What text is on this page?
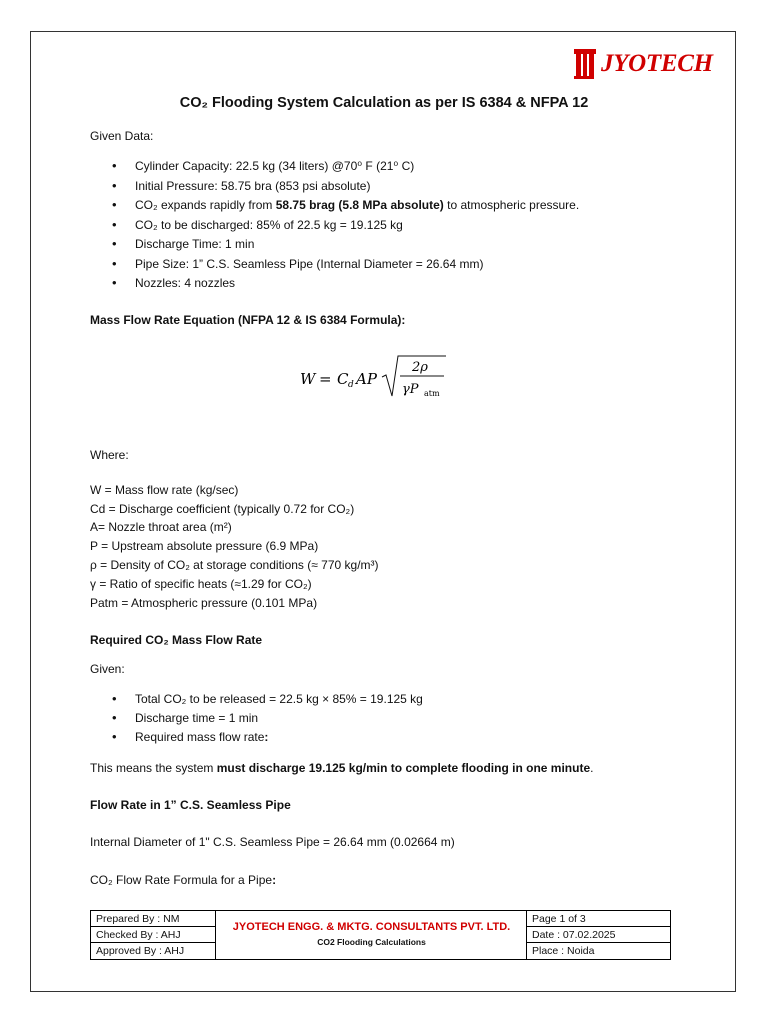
JYOTECH
CO₂ Flooding System Calculation as per IS 6384 & NFPA 12
Given Data:
• Cylinder Capacity: 22.5 kg (34 liters) @70⁰ F (21⁰ C)
• Initial Pressure: 58.75 bra (853 psi absolute)
• CO₂ expands rapidly from 58.75 brag (5.8 MPa absolute) to atmospheric pressure.
• CO₂ to be discharged: 85% of 22.5 kg = 19.125 kg
• Discharge Time: 1 min
• Pipe Size: 1” C.S. Seamless Pipe (Internal Diameter = 26.64 mm)
• Nozzles: 4 nozzles
Mass Flow Rate Equation (NFPA 12 & IS 6384 Formula):
W = C d AP
2ρ
γP atm
Where:
W = Mass flow rate (kg/sec)
Cd = Discharge coefficient (typically 0.72 for CO₂)
A= Nozzle throat area (m²)
P = Upstream absolute pressure (6.9 MPa)
ρ = Density of CO₂ at storage conditions (≈ 770 kg/m³)
γ = Ratio of specific heats (≈1.29 for CO₂)
Patm = Atmospheric pressure (0.101 MPa)
Required CO₂ Mass Flow Rate
Given:
• Total CO₂ to be released = 22.5 kg × 85% = 19.125 kg
• Discharge time = 1 min
• Required mass flow rate:
This means the system must discharge 19.125 kg/min to complete flooding in one minute.
Flow Rate in 1” C.S. Seamless Pipe
Internal Diameter of 1" C.S. Seamless Pipe = 26.64 mm (0.02664 m)
CO₂ Flow Rate Formula for a Pipe:
Prepared By : NM
Checked By : AHJ
Approved By : AHJ
JYOTECH ENGG. & MKTG. CONSULTANTS PVT. LTD.
CO2 Flooding Calculations
Page 1 of 3
Date : 07.02.2025
Place : Noida
